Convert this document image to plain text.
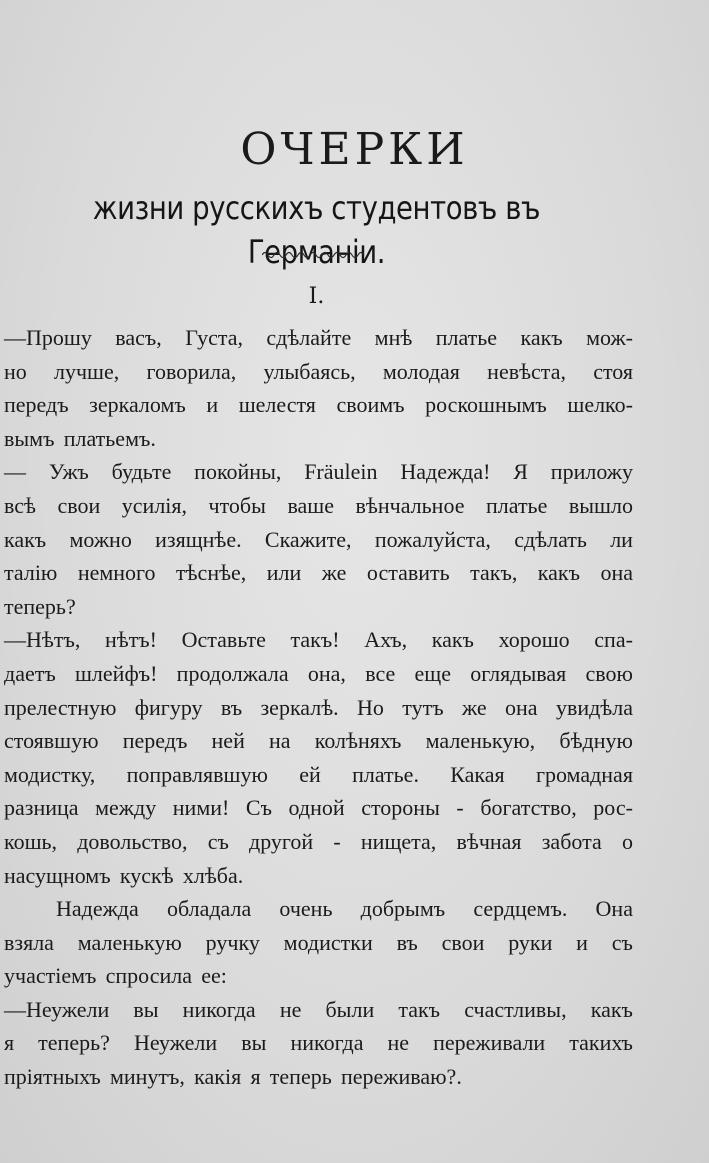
ОЧЕРКИ
жизни русскихъ студентовъ въ Германіи.
I.
—Прошу васъ, Густа, сдѣлайте мнѣ платье какъ мож-
но лучше, говорила, улыбаясь, молодая невѣста, стоя
передъ зеркаломъ и шелестя своимъ роскошнымъ шелко-
вымъ платьемъ.
— Ужъ будьте покойны, Fräulein Надежда! Я приложу
всѣ свои усилія, чтобы ваше вѣнчальное платье вышло
какъ можно изящнѣе. Скажите, пожалуйста, сдѣлать ли
талію немного тѣснѣе, или же оставить такъ, какъ она
теперь?
—Нѣтъ, нѣтъ! Оставьте такъ! Ахъ, какъ хорошо спа-
даетъ шлейфъ! продолжала она, все еще оглядывая свою
прелестную фигуру въ зеркалѣ. Но тутъ же она увидѣла
стоявшую передъ ней на колѣняхъ маленькую, бѣдную
модистку, поправлявшую ей платье. Какая громадная
разница между ними! Съ одной стороны - богатство, рос-
кошь, довольство, съ другой - нищета, вѣчная забота о
насущномъ кускѣ хлѣба.
Надежда обладала очень добрымъ сердцемъ. Она
взяла маленькую ручку модистки въ свои руки и съ
участіемъ спросила ее:
—Неужели вы никогда не были такъ счастливы, какъ
я теперь? Неужели вы никогда не переживали такихъ
пріятныхъ минутъ, какія я теперь переживаю?.
